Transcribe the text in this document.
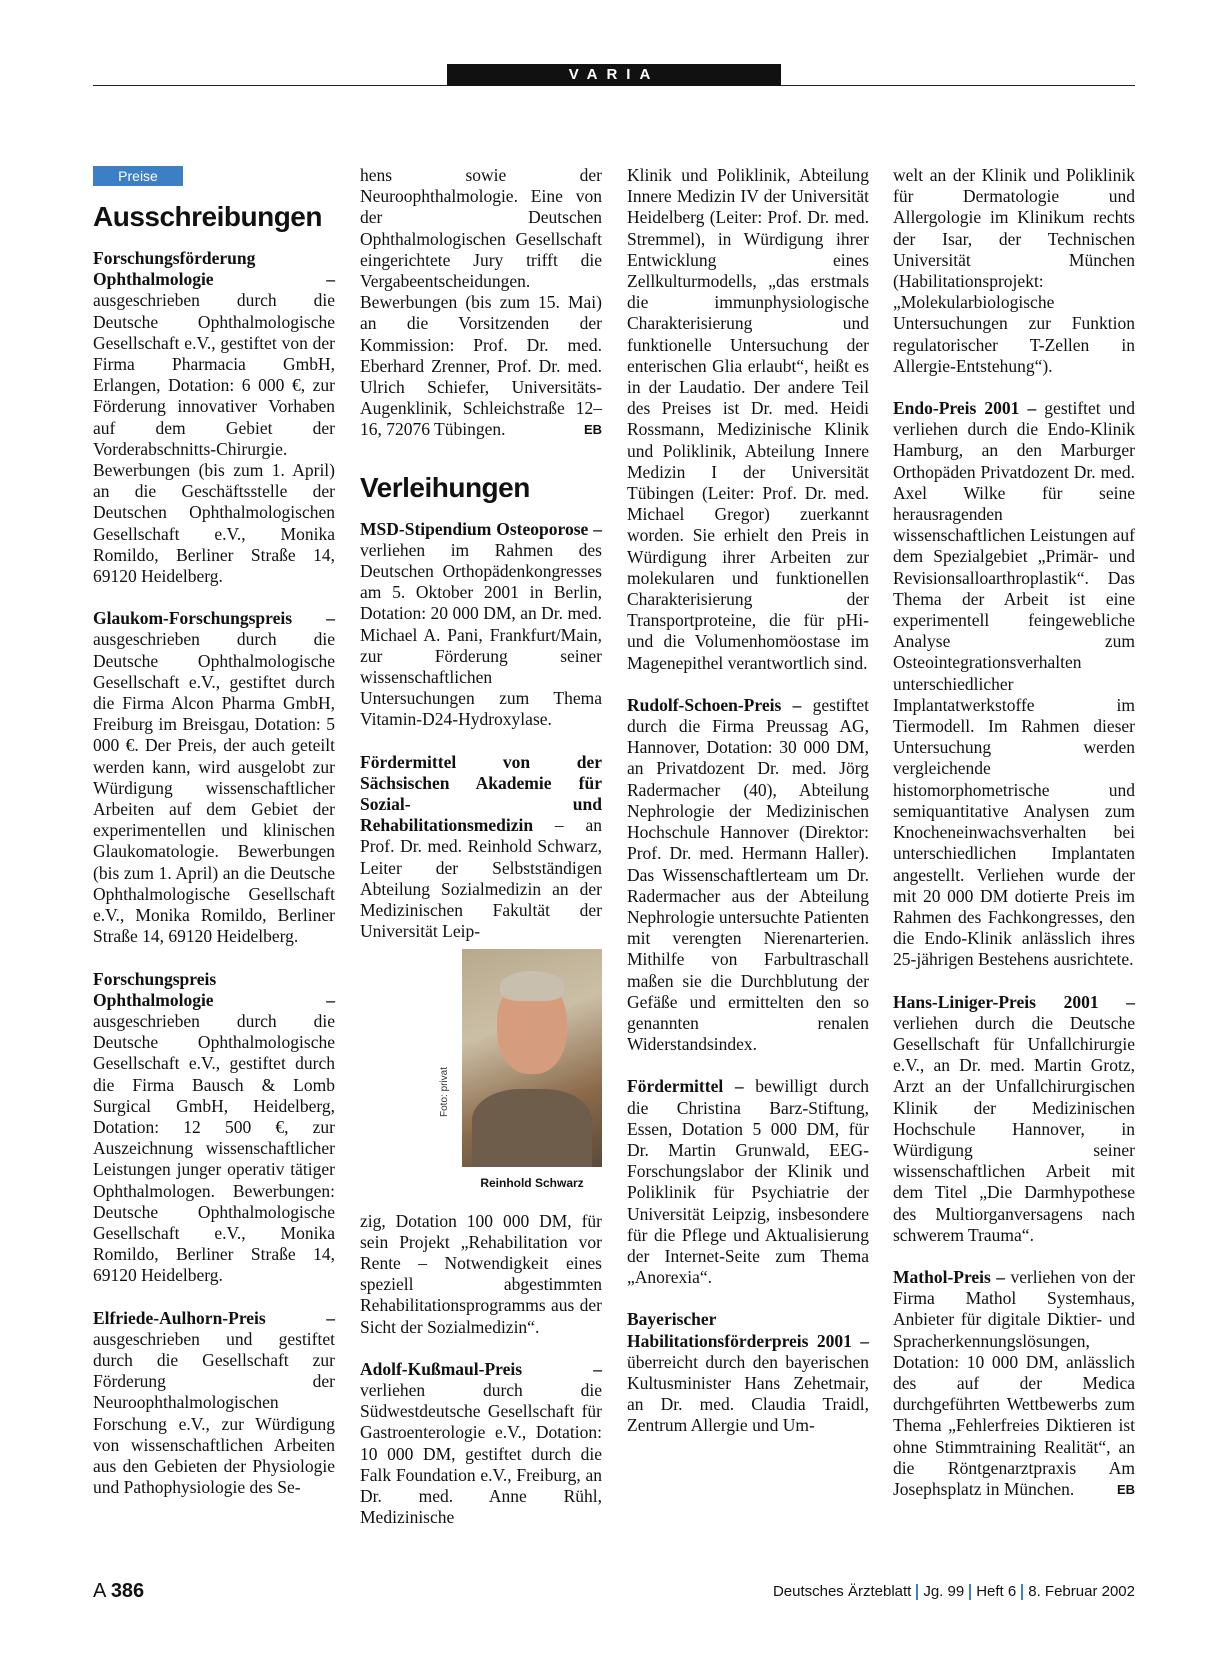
VARIA
Preise
Ausschreibungen

Forschungsförderung Ophthalmologie – ausgeschrieben durch die Deutsche Ophthalmologische Gesellschaft e.V., gestiftet von der Firma Pharmacia GmbH, Erlangen, Dotation: 6 000 €, zur Förderung innovativer Vorhaben auf dem Gebiet der Vorderabschnitts-Chirurgie. Bewerbungen (bis zum 1. April) an die Geschäftsstelle der Deutschen Ophthalmologischen Gesellschaft e.V., Monika Romildo, Berliner Straße 14, 69120 Heidelberg.

Glaukom-Forschungspreis – ausgeschrieben durch die Deutsche Ophthalmologische Gesellschaft e.V., gestiftet durch die Firma Alcon Pharma GmbH, Freiburg im Breisgau, Dotation: 5 000 €. Der Preis, der auch geteilt werden kann, wird ausgelobt zur Würdigung wissenschaftlicher Arbeiten auf dem Gebiet der experimentellen und klinischen Glaukomatologie. Bewerbungen (bis zum 1. April) an die Deutsche Ophthalmologische Gesellschaft e.V., Monika Romildo, Berliner Straße 14, 69120 Heidelberg.

Forschungspreis Ophthalmologie – ausgeschrieben durch die Deutsche Ophthalmologische Gesellschaft e.V., gestiftet durch die Firma Bausch & Lomb Surgical GmbH, Heidelberg, Dotation: 12 500 €, zur Auszeichnung wissenschaftlicher Leistungen junger operativ tätiger Ophthalmologen. Bewerbungen: Deutsche Ophthalmologische Gesellschaft e.V., Monika Romildo, Berliner Straße 14, 69120 Heidelberg.

Elfriede-Aulhorn-Preis – ausgeschrieben und gestiftet durch die Gesellschaft zur Förderung der Neuroophthalmologischen Forschung e.V., zur Würdigung von wissenschaftlichen Arbeiten aus den Gebieten der Physiologie und Pathophysiologie des Se-

hens sowie der Neuroophthalmologie. Eine von der Deutschen Ophthalmologischen Gesellschaft eingerichtete Jury trifft die Vergabeentscheidungen. Bewerbungen (bis zum 15. Mai) an die Vorsitzenden der Kommission: Prof. Dr. med. Eberhard Zrenner, Prof. Dr. med. Ulrich Schiefer, Universitäts-Augenklinik, Schleichstraße 12–16, 72076 Tübingen.	EB

Verleihungen

MSD-Stipendium Osteoporose – verliehen im Rahmen des Deutschen Orthopädenkongresses am 5. Oktober 2001 in Berlin, Dotation: 20 000 DM, an Dr. med. Michael A. Pani, Frankfurt/Main, zur Förderung seiner wissenschaftlichen Untersuchungen zum Thema Vitamin-D24-Hydroxylase.

Fördermittel von der Sächsischen Akademie für Sozial- und Rehabilitationsmedizin – an Prof. Dr. med. Reinhold Schwarz, Leiter der Selbstständigen Abteilung Sozialmedizin an der Medizinischen Fakultät der Universität Leip-

Foto: privat
Reinhold Schwarz

zig, Dotation 100 000 DM, für sein Projekt „Rehabilitation vor Rente – Notwendigkeit eines speziell abgestimmten Rehabilitationsprogramms aus der Sicht der Sozialmedizin“.

Adolf-Kußmaul-Preis – verliehen durch die Südwestdeutsche Gesellschaft für Gastroenterologie e.V., Dotation: 10 000 DM, gestiftet durch die Falk Foundation e.V., Freiburg, an Dr. med. Anne Rühl, Medizinische

Klinik und Poliklinik, Abteilung Innere Medizin IV der Universität Heidelberg (Leiter: Prof. Dr. med. Stremmel), in Würdigung ihrer Entwicklung eines Zellkulturmodells, „das erstmals die immunphysiologische Charakterisierung und funktionelle Untersuchung der enterischen Glia erlaubt“, heißt es in der Laudatio. Der andere Teil des Preises ist Dr. med. Heidi Rossmann, Medizinische Klinik und Poliklinik, Abteilung Innere Medizin I der Universität Tübingen (Leiter: Prof. Dr. med. Michael Gregor) zuerkannt worden. Sie erhielt den Preis in Würdigung ihrer Arbeiten zur molekularen und funktionellen Charakterisierung der Transportproteine, die für pHi- und die Volumenhomöostase im Magenepithel verantwortlich sind.

Rudolf-Schoen-Preis – gestiftet durch die Firma Preussag AG, Hannover, Dotation: 30 000 DM, an Privatdozent Dr. med. Jörg Radermacher (40), Abteilung Nephrologie der Medizinischen Hochschule Hannover (Direktor: Prof. Dr. med. Hermann Haller). Das Wissenschaftlerteam um Dr. Radermacher aus der Abteilung Nephrologie untersuchte Patienten mit verengten Nierenarterien. Mithilfe von Farbultraschall maßen sie die Durchblutung der Gefäße und ermittelten den so genannten renalen Widerstandsindex.

Fördermittel – bewilligt durch die Christina Barz-Stiftung, Essen, Dotation 5 000 DM, für Dr. Martin Grunwald, EEG-Forschungslabor der Klinik und Poliklinik für Psychiatrie der Universität Leipzig, insbesondere für die Pflege und Aktualisierung der Internet-Seite zum Thema „Anorexia“.

Bayerischer Habilitationsförderpreis 2001 – überreicht durch den bayerischen Kultusminister Hans Zehetmair, an Dr. med. Claudia Traidl, Zentrum Allergie und Um-

welt an der Klinik und Poliklinik für Dermatologie und Allergologie im Klinikum rechts der Isar, der Technischen Universität München (Habilitationsprojekt: „Molekularbiologische Untersuchungen zur Funktion regulatorischer T-Zellen in Allergie-Entstehung“).

Endo-Preis 2001 – gestiftet und verliehen durch die Endo-Klinik Hamburg, an den Marburger Orthopäden Privatdozent Dr. med. Axel Wilke für seine herausragenden wissenschaftlichen Leistungen auf dem Spezialgebiet „Primär- und Revisionsalloarthroplastik“. Das Thema der Arbeit ist eine experimentell feingewebliche Analyse zum Osteointegrationsverhalten unterschiedlicher Implantatwerkstoffe im Tiermodell. Im Rahmen dieser Untersuchung werden vergleichende histomorphometrische und semiquantitative Analysen zum Knocheneinwachsverhalten bei unterschiedlichen Implantaten angestellt. Verliehen wurde der mit 20 000 DM dotierte Preis im Rahmen des Fachkongresses, den die Endo-Klinik anlässlich ihres 25-jährigen Bestehens ausrichtete.

Hans-Liniger-Preis 2001 – verliehen durch die Deutsche Gesellschaft für Unfallchirurgie e.V., an Dr. med. Martin Grotz, Arzt an der Unfallchirurgischen Klinik der Medizinischen Hochschule Hannover, in Würdigung seiner wissenschaftlichen Arbeit mit dem Titel „Die Darmhypothese des Multiorganversagens nach schwerem Trauma“.

Mathol-Preis – verliehen von der Firma Mathol Systemhaus, Anbieter für digitale Diktier- und Spracherkennungslösungen, Dotation: 10 000 DM, anlässlich des auf der Medica durchgeführten Wettbewerbs zum Thema „Fehlerfreies Diktieren ist ohne Stimmtraining Realität“, an die Röntgenarztpraxis Am Josephsplatz in München.	EB

A 386	Deutsches Ärzteblatt Jg. 99 Heft 6 8. Februar 2002
